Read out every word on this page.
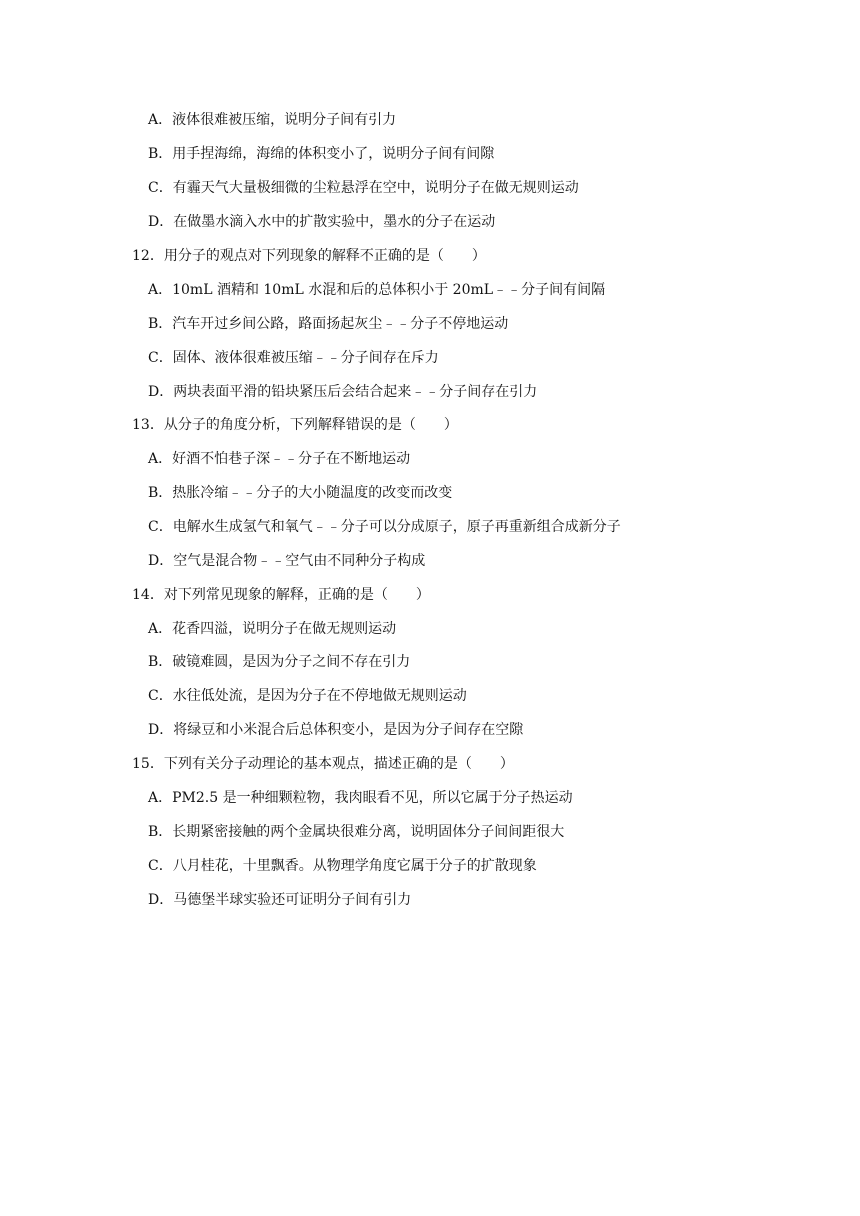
A．液体很难被压缩，说明分子间有引力
B．用手捏海绵，海绵的体积变小了，说明分子间有间隙
C．有霾天气大量极细微的尘粒悬浮在空中，说明分子在做无规则运动
D．在做墨水滴入水中的扩散实验中，墨水的分子在运动
12．用分子的观点对下列现象的解释不正确的是（　　）
A．10mL 酒精和 10mL 水混和后的总体积小于 20mL﹣﹣分子间有间隔
B．汽车开过乡间公路，路面扬起灰尘﹣﹣分子不停地运动
C．固体、液体很难被压缩﹣﹣分子间存在斥力
D．两块表面平滑的铅块紧压后会结合起来﹣﹣分子间存在引力
13．从分子的角度分析，下列解释错误的是（　　）
A．好酒不怕巷子深﹣﹣分子在不断地运动
B．热胀冷缩﹣﹣分子的大小随温度的改变而改变
C．电解水生成氢气和氧气﹣﹣分子可以分成原子，原子再重新组合成新分子
D．空气是混合物﹣﹣空气由不同种分子构成
14．对下列常见现象的解释，正确的是（　　）
A．花香四溢，说明分子在做无规则运动
B．破镜难圆，是因为分子之间不存在引力
C．水往低处流，是因为分子在不停地做无规则运动
D．将绿豆和小米混合后总体积变小，是因为分子间存在空隙
15．下列有关分子动理论的基本观点，描述正确的是（　　）
A．PM2.5 是一种细颗粒物，我肉眼看不见，所以它属于分子热运动
B．长期紧密接触的两个金属块很难分离，说明固体分子间间距很大
C．八月桂花，十里飘香。从物理学角度它属于分子的扩散现象
D．马德堡半球实验还可证明分子间有引力
